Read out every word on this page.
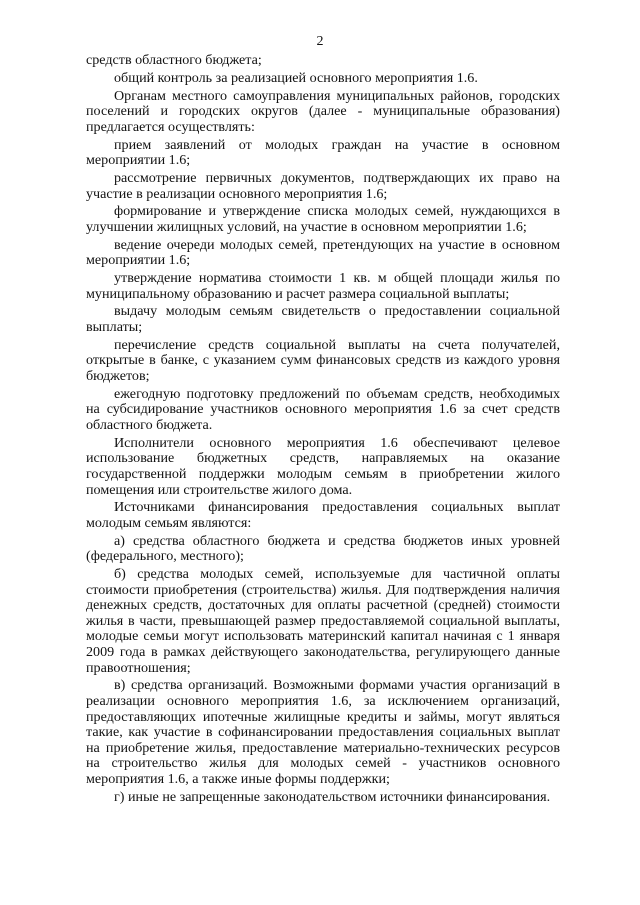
2

средств областного бюджета;

общий контроль за реализацией основного мероприятия 1.6.

Органам местного самоуправления муниципальных районов, городских поселений и городских округов (далее - муниципальные образования) предлагается осуществлять:

прием заявлений от молодых граждан на участие в основном мероприятии 1.6;

рассмотрение первичных документов, подтверждающих их право на участие в реализации основного мероприятия 1.6;

формирование и утверждение списка молодых семей, нуждающихся в улучшении жилищных условий, на участие в основном мероприятии 1.6;

ведение очереди молодых семей, претендующих на участие в основном мероприятии 1.6;

утверждение норматива стоимости 1 кв. м общей площади жилья по муниципальному образованию и расчет размера социальной выплаты;

выдачу молодым семьям свидетельств о предоставлении социальной выплаты;

перечисление средств социальной выплаты на счета получателей, открытые в банке, с указанием сумм финансовых средств из каждого уровня бюджетов;

ежегодную подготовку предложений по объемам средств, необходимых на субсидирование участников основного мероприятия 1.6 за счет средств областного бюджета.

Исполнители основного мероприятия 1.6 обеспечивают целевое использование бюджетных средств, направляемых на оказание государственной поддержки молодым семьям в приобретении жилого помещения или строительстве жилого дома.

Источниками финансирования предоставления социальных выплат молодым семьям являются:

а) средства областного бюджета и средства бюджетов иных уровней (федерального, местного);

б) средства молодых семей, используемые для частичной оплаты стоимости приобретения (строительства) жилья. Для подтверждения наличия денежных средств, достаточных для оплаты расчетной (средней) стоимости жилья в части, превышающей размер предоставляемой социальной выплаты, молодые семьи могут использовать материнский капитал начиная с 1 января 2009 года в рамках действующего законодательства, регулирующего данные правоотношения;

в) средства организаций. Возможными формами участия организаций в реализации основного мероприятия 1.6, за исключением организаций, предоставляющих ипотечные жилищные кредиты и займы, могут являться такие, как участие в софинансировании предоставления социальных выплат на приобретение жилья, предоставление материально-технических ресурсов на строительство жилья для молодых семей - участников основного мероприятия 1.6, а также иные формы поддержки;

г) иные не запрещенные законодательством источники финансирования.
